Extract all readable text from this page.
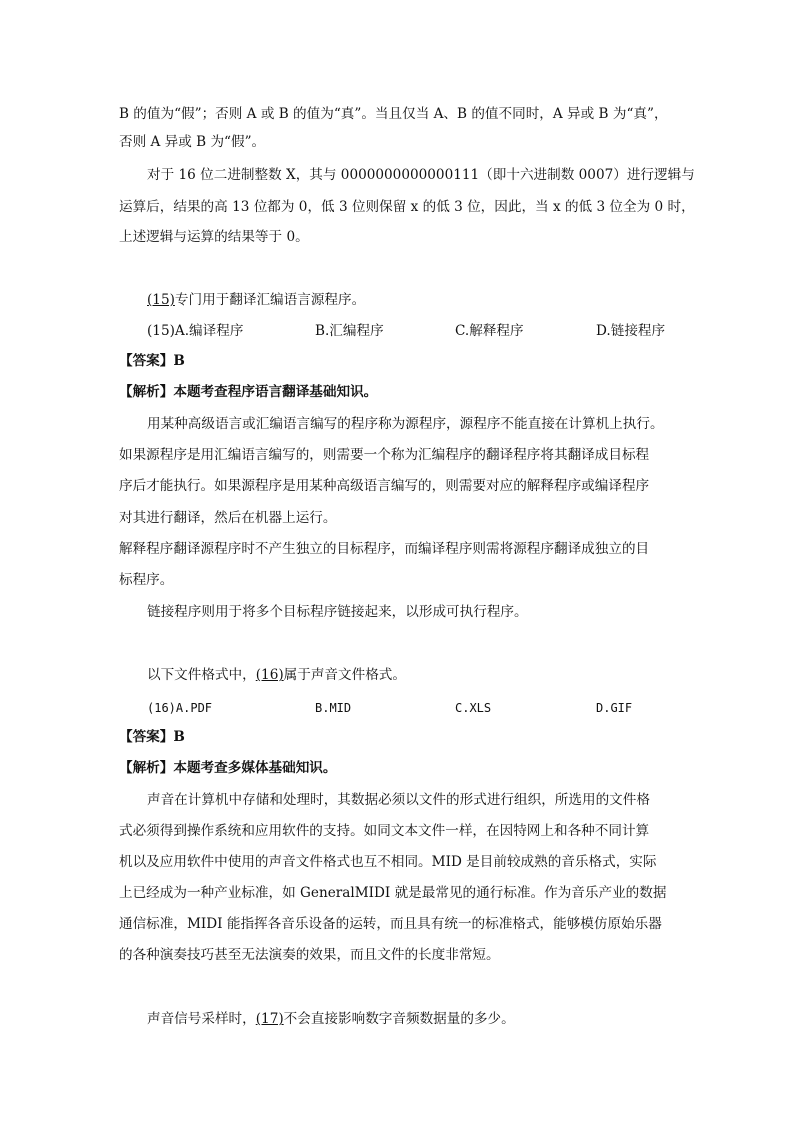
B 的值为“假”；否则 A 或 B 的值为“真”。当且仅当 A、B 的值不同时，A 异或 B 为“真”，
否则 A 异或 B 为“假”。
对于 16 位二进制整数 X，其与 0000000000000111（即十六进制数 0007）进行逻辑与
运算后，结果的高 13 位都为 0，低 3 位则保留 x 的低 3 位，因此，当 x 的低 3 位全为 0 时，
上述逻辑与运算的结果等于 0。
(15)专门用于翻译汇编语言源程序。
(15)A.编译程序	B.汇编程序	C.解释程序	D.链接程序
【答案】B
【解析】本题考查程序语言翻译基础知识。
用某种高级语言或汇编语言编写的程序称为源程序，源程序不能直接在计算机上执行。
如果源程序是用汇编语言编写的，则需要一个称为汇编程序的翻译程序将其翻译成目标程
序后才能执行。如果源程序是用某种高级语言编写的，则需要对应的解释程序或编译程序
对其进行翻译，然后在机器上运行。
解释程序翻译源程序时不产生独立的目标程序，而编译程序则需将源程序翻译成独立的目
标程序。
链接程序则用于将多个目标程序链接起来，以形成可执行程序。
以下文件格式中，(16)属于声音文件格式。
(16)A.PDF	B.MID	C.XLS	D.GIF
【答案】B
【解析】本题考查多媒体基础知识。
声音在计算机中存储和处理时，其数据必须以文件的形式进行组织，所选用的文件格
式必须得到操作系统和应用软件的支持。如同文本文件一样，在因特网上和各种不同计算
机以及应用软件中使用的声音文件格式也互不相同。MID 是目前较成熟的音乐格式，实际
上已经成为一种产业标准，如 GeneralMIDI 就是最常见的通行标准。作为音乐产业的数据
通信标准，MIDI 能指挥各音乐设备的运转，而且具有统一的标准格式，能够模仿原始乐器
的各种演奏技巧甚至无法演奏的效果，而且文件的长度非常短。
声音信号采样时，(17)不会直接影响数字音频数据量的多少。
